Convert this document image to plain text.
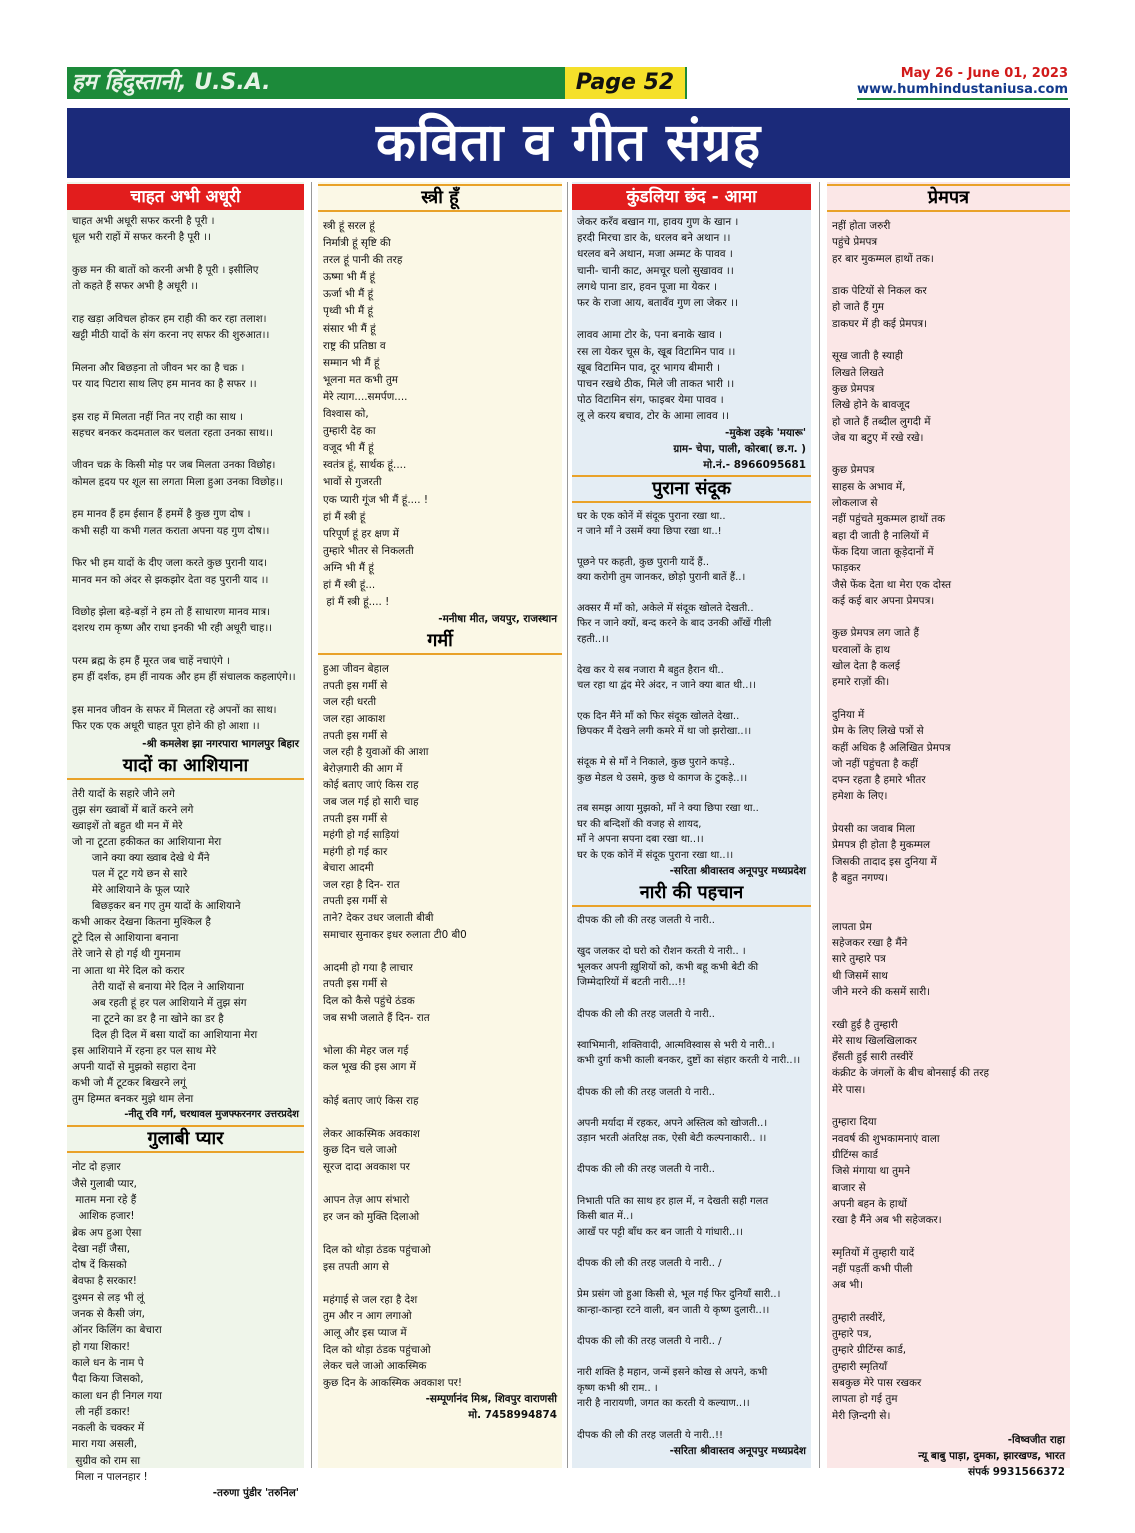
हम हिंदुस्तानी, U.S.A.	Page 52	May 26 - June 01, 2023
www.humhindustaniusa.com
कविता व गीत संग्रह
चाहत अभी अधूरी
चाहत अभी अधूरी सफर करनी है पूरी ।
धूल भरी राहों में सफर करनी है पूरी ।।

कुछ मन की बातों को करनी अभी है पूरी । इसीलिए
तो कहते हैं सफर अभी है अधूरी ।।

राह खड़ा अविचल होकर हम राही की कर रहा तलाश।
खट्टी मीठी यादों के संग करना नए सफर की शुरुआत।।

मिलना और बिछड़ना तो जीवन भर का है चक्र ।
पर याद पिटारा साथ लिए हम मानव का है सफर ।।

इस राह में मिलता नहीं नित नए राही का साथ ।
सहचर बनकर कदमताल कर चलता रहता उनका साथ।।

जीवन चक्र के किसी मोड़ पर जब मिलता उनका विछोह।
कोमल हृदय पर शूल सा लगता मिला हुआ उनका विछोह।।

हम मानव हैं हम ईसान हैं हममें है कुछ गुण दोष ।
कभी सही या कभी गलत कराता अपना यह गुण दोष।।

फिर भी हम यादों के दीए जला करते कुछ पुरानी याद।
मानव मन को अंदर से झकझोर देता वह पुरानी याद ।।

विछोह झेला बड़े-बड़ों ने हम तो हैं साधारण मानव मात्र।
दशरथ राम कृष्ण और राधा इनकी भी रही अधूरी चाह।।

परम ब्रह्म के हम हैं मूरत जब चाहें नचाएंगे ।
हम हीं दर्शक, हम हीं नायक और हम हीं संचालक कहलाएंगे।।

इस मानव जीवन के सफर में मिलता रहे अपनों का साथ।
फिर एक एक अधूरी चाहत पूरा होने की हो आशा ।।
-श्री कमलेश झा नगरपारा भागलपुर बिहार
यादों का आशियाना
तेरी यादों के सहारे जीने लगे
तुझ संग ख्वाबों में बातें करने लगे
ख्वाइशें तो बहुत थी मन में मेरे
जो ना टूटता हकीकत का आशियाना मेरा
जाने क्या क्या ख्वाब देखे थे मैंने
पल में टूट गये छन से सारे
मेरे आशियाने के फूल प्यारे
बिछड़कर बन गए तुम यादों के आशियाने
कभी आकर देखना कितना मुश्किल है
टूटे दिल से आशियाना बनाना
तेरे जाने से हो गई थी गुमनाम
ना आता था मेरे दिल को करार
तेरी यादों से बनाया मेरे दिल ने आशियाना
अब रहती हूं हर पल आशियाने में तुझ संग
ना टूटने का डर है ना खोने का डर है
दिल ही दिल में बसा यादों का आशियाना मेरा
इस आशियाने में रहना हर पल साथ मेरे
अपनी यादों से मुझको सहारा देना
कभी जो मैं टूटकर बिखरने लगूं
तुम हिम्मत बनकर मुझे थाम लेना
-नीतू रवि गर्ग, चरथावल मुजफ्फरनगर उत्तरप्रदेश
गुलाबी प्यार
नोट दो हज़ार
जैसे गुलाबी प्यार,
मातम मना रहे हैं
आशिक हजार!
ब्रेक अप हुआ ऐसा
देखा नहीं जैसा,
दोष दें किसको
बेवफा है सरकार!
दुश्मन से लड़ भी लूं
जनक से कैसी जंग,
ऑनर किलिंग का बेचारा
हो गया शिकार!
काले धन के नाम पे
पैदा किया जिसको,
काला धन ही निगल गया
ली नहीं डकार!
नकली के चक्कर में
मारा गया असली,
सुग्रीव को राम सा
मिला न पालनहार !
-तरुणा पुंडीर 'तरुनिल'
स्त्री हूँ
स्त्री हूं सरल हूं
निर्मात्री हूं सृष्टि की
तरल हूं पानी की तरह
ऊष्मा भी मैं हूं
ऊर्जा भी मैं हूं
पृथ्वी भी मैं हूं
संसार भी मैं हूं
राष्ट्र की प्रतिष्ठा व
सम्मान भी मैं हूं
भूलना मत कभी तुम
मेरे त्याग....समर्पण....
विश्वास को,
तुम्हारी देह का
वजूद भी मैं हूं
स्वतंत्र हूं, सार्थक हूं....
भावों से गुजरती
एक प्यारी गूंज भी मैं हूं.... !
हां मैं स्त्री हूं
परिपूर्ण हूं हर क्षण में
तुम्हारे भीतर से निकलती
अग्नि भी मैं हूं
हां मैं स्त्री हूं...
हां मैं स्त्री हूं.... !
-मनीषा मीत, जयपुर, राजस्थान
गर्मी
हुआ जीवन बेहाल
तपती इस गर्मी से
जल रही धरती
जल रहा आकाश
तपती इस गर्मी से
जल रही है युवाओं की आशा
बेरोज़गारी की आग में
कोई बताए जाएं किस राह
जब जल गई हो सारी चाह
तपती इस गर्मी से
महंगी हो गई साड़ियां
महंगी हो गई कार
बेचारा आदमी
जल रहा है दिन- रात
तपती इस गर्मी से
ताने? देकर उधर जलाती बीबी
समाचार सुनाकर इधर रुलाता टी0 बी0

आदमी हो गया है लाचार
तपती इस गर्मी से
दिल को कैसे पहुंचे ठंडक
जब सभी जलाते हैं दिन- रात

भोला की मेहर जल गई
कल भूख की इस आग में

कोई बताए जाएं किस राह

लेकर आकस्मिक अवकाश
कुछ दिन चले जाओ
सूरज दादा अवकाश पर

आपन तेज़ आप संभारो
हर जन को मुक्ति दिलाओ

दिल को थोड़ा ठंडक पहुंचाओ
इस तपती आग से

महंगाई से जल रहा है देश
तुम और न आग लगाओ
आलू और इस प्याज में
दिल को थोड़ा ठंडक पहुंचाओ
लेकर चले जाओ आकस्मिक
कुछ दिन के आकस्मिक अवकाश पर!
-सम्पूर्णानंद मिश्र, शिवपुर वाराणसी
मो. 7458994874
कुंडलिया छंद - आमा
जेकर करँव बखान गा, हावय गुण के खान ।
हरदी मिरचा डार के, धरलव बने अथान ।।
धरलव बने अथान, मजा अम्मट के पावव ।
चानी- चानी काट, अमचूर घलो सुखावव ।।
लगथे पाना डार, हवन पूजा मा येकर ।
फर के राजा आय, बतावँव गुण ला जेकर ।।

लावव आमा टोर के, पना बनाके खाव ।
रस ला येकर चूस के, खूब विटामिन पाव ।।
खूब विटामिन पाव, दूर भागय बीमारी ।
पाचन रखथे ठीक, मिले जी ताकत भारी ।।
पोठ विटामिन संग, फाइबर येमा पावव ।
लू ले करय बचाव, टोर के आमा लावव ।।
-मुकेश उइके 'मयारू'
ग्राम- चेपा, पाली, कोरबा( छ.ग. )
मो.नं.- 8966095681
पुराना संदूक
घर के एक कोनें में संदूक पुराना रखा था..
न जाने माँ ने उसमें क्या छिपा रखा था..!

पूछने पर कहती, कुछ पुरानी यादें हैं..
क्या करोगी तुम जानकर, छोड़ो पुरानी बातें हैं..।

अक्सर मैं माँ को, अकेले में संदूक खोलते देखती..
फिर न जाने क्यों, बन्द करने के बाद उनकी आँखें गीली
रहती..।।

देख कर ये सब नजारा मै बहुत हैरान थी..
चल रहा था द्वंद मेरे अंदर, न जाने क्या बात थी..।।

एक दिन मैंने माँ को फिर संदूक खोलते देखा..
छिपकर मैं देखने लगी कमरे में था जो झरोखा..।।

संदूक मे से माँ ने निकाले, कुछ पुराने कपड़े..
कुछ मेडल थे उसमे, कुछ थे कागज के टुकड़े..।।

तब समझ आया मुझको, माँ ने क्या छिपा रखा था..
घर की बन्दिशों की वजह से शायद,
माँ ने अपना सपना दबा रखा था..।।
घर के एक कोनें में संदूक पुराना रखा था..।।
-सरिता श्रीवास्तव अनूपपुर मध्यप्रदेश
नारी की पहचान
दीपक की लौ की तरह जलती ये नारी..

खुद जलकर दो घरो को रौशन करती ये नारी.. ।
भूलकर अपनी ख़ुशियों को, कभी बहू कभी बेटी की
जिम्मेदारियों में बटती नारी...!!

दीपक की लौ की तरह जलती ये नारी..

स्वाभिमानी, शक्तिवादी, आत्मविस्वास से भरी ये नारी..।
कभी दुर्गा कभी काली बनकर, दुष्टों का संहार करती ये नारी..।।

दीपक की लौ की तरह जलती ये नारी..

अपनी मर्यादा में रहकर, अपने अस्तित्व को खोजती..।
उड़ान भरती अंतरिक्ष तक, ऐसी बेटी कल्पनाकारी.. ।।

दीपक की लौ की तरह जलती ये नारी..

निभाती पति का साथ हर हाल में, न देखती सही गलत
किसी बात में..।
आखँ पर पट्टी बाँध कर बन जाती ये गांधारी..।।

दीपक की लौ की तरह जलती ये नारी.. /

प्रेम प्रसंग जो हुआ किसी से, भूल गई फिर दुनियाँ सारी..।
कान्हा-कान्हा रटने वाली, बन जाती ये कृष्ण दुलारी..।।

दीपक की लौ की तरह जलती ये नारी.. /

नारी शक्ति है महान, जन्में इसने कोख से अपने, कभी
कृष्ण कभी श्री राम.. ।
नारी है नारायणी, जगत का करती ये कल्याण..।।

दीपक की लौ की तरह जलती ये नारी..!!
-सरिता श्रीवास्तव अनूपपुर मध्यप्रदेश
प्रेमपत्र
नहीं होता जरुरी
पहुंचे प्रेमपत्र
हर बार मुकम्मल हाथों तक।

डाक पेटियों से निकल कर
हो जाते हैं गुम
डाकघर में ही कई प्रेमपत्र।

सूख जाती है स्याही
लिखते लिखते
कुछ प्रेमपत्र
लिखे होने के बावजूद
हो जाते हैं तब्दील लुगदी में
जेब या बटुए में रखे रखे।

कुछ प्रेमपत्र
साहस के अभाव में,
लोकलाज से
नहीं पहुंचते मुकम्मल हाथों तक
बहा दी जाती है नालियों में
फेंक दिया जाता कूड़ेदानों में
फाड़कर
जैसे फेंक देता था मेरा एक दोस्त
कई कई बार अपना प्रेमपत्र।

कुछ प्रेमपत्र लग जाते हैं
घरवालों के हाथ
खोल देता है कलई
हमारे राज़ों की।

दुनिया में
प्रेम के लिए लिखे पत्रों से
कहीं अधिक है अलिखित प्रेमपत्र
जो नहीं पहुंचता है कहीं
दफ्न रहता है हमारे भीतर
हमेशा के लिए।

प्रेयसी का जवाब मिला
प्रेमपत्र ही होता है मुकम्मल
जिसकी तादाद इस दुनिया में
है बहुत नगण्य।

लापता प्रेम
सहेजकर रखा है मैंने
सारे तुम्हारे पत्र
थी जिसमें साथ
जीने मरने की कसमें सारी।

रखी हुई है तुम्हारी
मेरे साथ खिलखिलाकर
हँसती हुई सारी तस्वीरें
कंक्रीट के जंगलों के बीच बोनसाई की तरह
मेरे पास।

तुम्हारा दिया
नववर्ष की शुभकामनाएं वाला
ग्रीटिंग्स कार्ड
जिसे मंगाया था तुमने
बाजार से
अपनी बहन के हाथों
रखा है मैंने अब भी सहेजकर।

स्मृतियों में तुम्हारी यादें
नहीं पड़तीं कभी पीली
अब भी।

तुम्हारी तस्वीरें,
तुम्हारे पत्र,
तुम्हारे ग्रीटिंग्स कार्ड,
तुम्हारी स्मृतियाँ
सबकुछ मेरे पास रखकर
लापता हो गई तुम
मेरी ज़िन्दगी से।
-विष्वजीत राहा
न्यू बाबु पाड़ा, दुमका, झारखण्ड, भारत
संपर्क 9931566372
